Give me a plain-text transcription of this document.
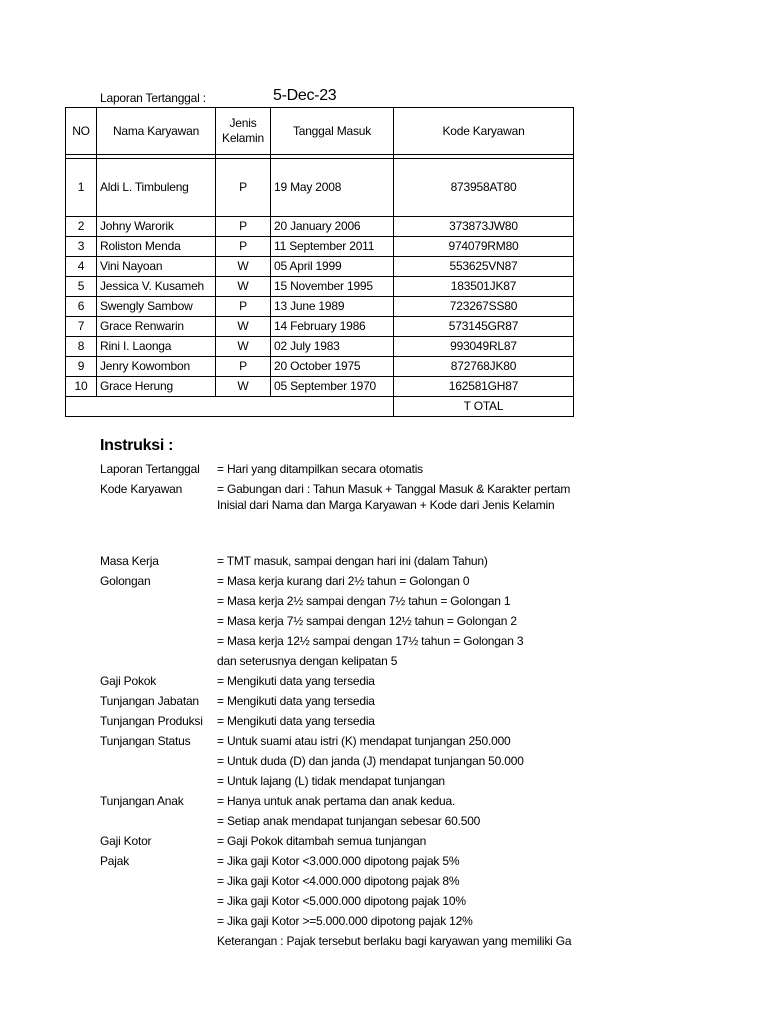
Laporan Tertanggal :	5-Dec-23
NO	Nama Karyawan	Jenis Kelamin	Tanggal Masuk	Kode Karyawan

1	Aldi L. Timbuleng	P	19 May 2008	873958AT80
2	Johny Warorik	P	20 January 2006	373873JW80
3	Roliston Menda	P	11 September 2011	974079RM80
4	Vini Nayoan	W	05 April 1999	553625VN87
5	Jessica V. Kusameh	W	15 November 1995	183501JK87
6	Swengly Sambow	P	13 June 1989	723267SS80
7	Grace Renwarin	W	14 February 1986	573145GR87
8	Rini I. Laonga	W	02 July 1983	993049RL87
9	Jenry Kowombon	P	20 October 1975	872768JK80
10	Grace Herung	W	05 September 1970	162581GH87
				T OTAL
Instruksi :
Laporan Tertanggal = Hari yang ditampilkan secara otomatis
Kode Karyawan	= Gabungan dari : Tahun Masuk + Tanggal Masuk & Karakter pertam
Inisial dari Nama dan Marga Karyawan + Kode dari Jenis Kelamin
Masa Kerja	= TMT masuk, sampai dengan hari ini (dalam Tahun)
Golongan	= Masa kerja kurang dari 2½ tahun = Golongan 0
= Masa kerja 2½ sampai dengan 7½ tahun = Golongan 1
= Masa kerja 7½ sampai dengan 12½ tahun = Golongan 2
= Masa kerja 12½ sampai dengan 17½ tahun = Golongan 3
dan seterusnya dengan kelipatan 5
Gaji Pokok	= Mengikuti data yang tersedia
Tunjangan Jabatan = Mengikuti data yang tersedia
Tunjangan Produksi = Mengikuti data yang tersedia
Tunjangan Status = Untuk suami atau istri (K) mendapat tunjangan 250.000
= Untuk duda (D) dan janda (J) mendapat tunjangan 50.000
= Untuk lajang (L) tidak mendapat tunjangan
Tunjangan Anak	= Hanya untuk anak pertama dan anak kedua.
= Setiap anak mendapat tunjangan sebesar 60.500
Gaji Kotor	= Gaji Pokok ditambah semua tunjangan
Pajak	= Jika gaji Kotor <3.000.000 dipotong pajak 5%
= Jika gaji Kotor <4.000.000 dipotong pajak 8%
= Jika gaji Kotor <5.000.000 dipotong pajak 10%
= Jika gaji Kotor >=5.000.000 dipotong pajak 12%
Keterangan : Pajak tersebut berlaku bagi karyawan yang memiliki Ga
